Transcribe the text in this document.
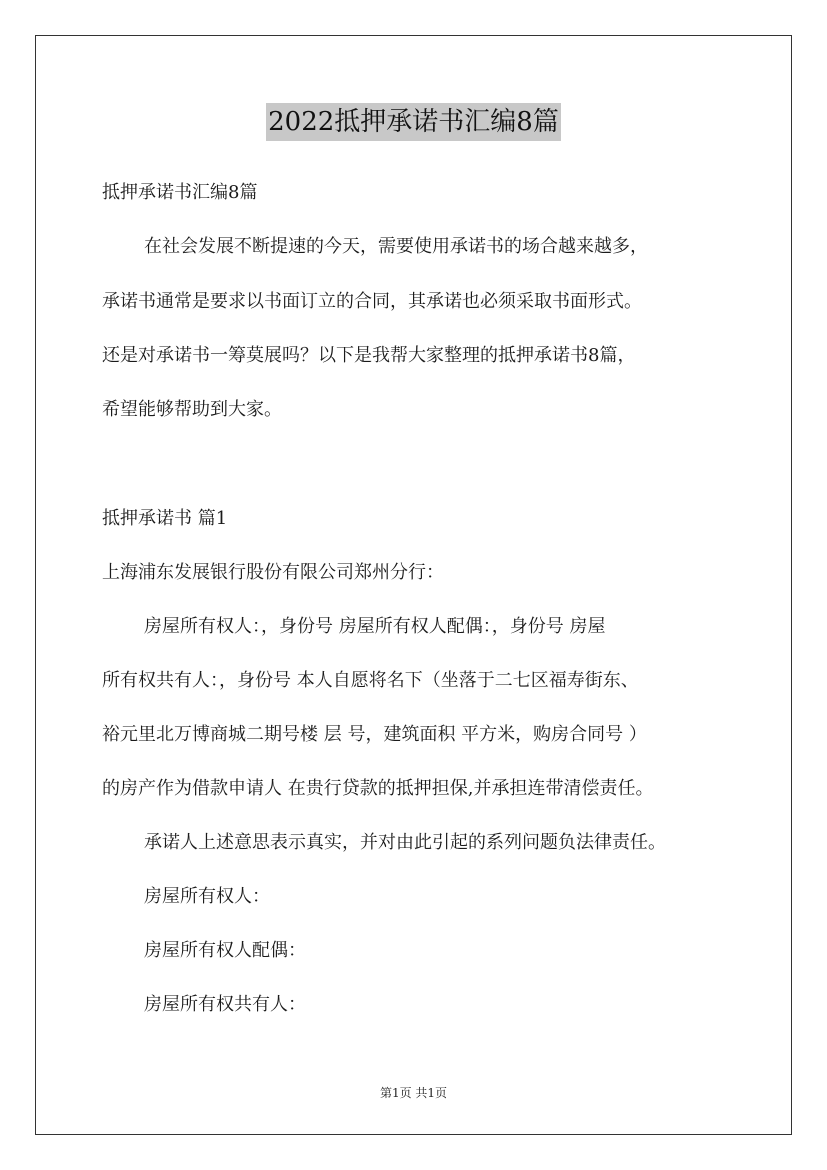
2022抵押承诺书汇编8篇
抵押承诺书汇编8篇
在社会发展不断提速的今天，需要使用承诺书的场合越来越多，
承诺书通常是要求以书面订立的合同，其承诺也必须采取书面形式。
还是对承诺书一筹莫展吗？以下是我帮大家整理的抵押承诺书8篇，
希望能够帮助到大家。
抵押承诺书 篇1
上海浦东发展银行股份有限公司郑州分行：
房屋所有权人：，身份号 房屋所有权人配偶：，身份号 房屋
所有权共有人：，身份号 本人自愿将名下（坐落于二七区福寿街东、
裕元里北万博商城二期号楼 层 号，建筑面积 平方米，购房合同号 ）
的房产作为借款申请人 在贵行贷款的抵押担保,并承担连带清偿责任。
承诺人上述意思表示真实，并对由此引起的系列问题负法律责任。
房屋所有权人：
房屋所有权人配偶：
房屋所有权共有人：
第1页 共1页
